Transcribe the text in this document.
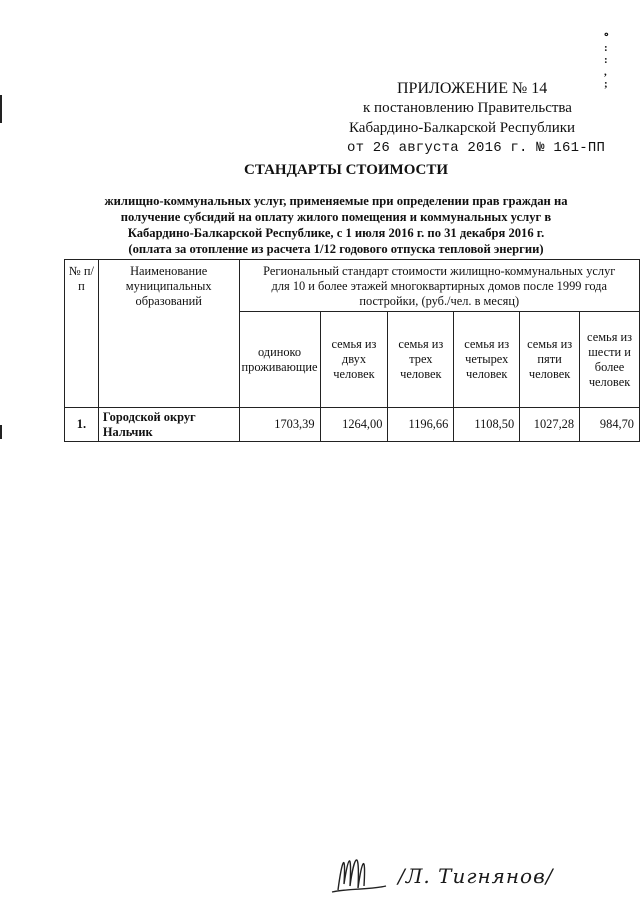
॰
:
:
,
;
ПРИЛОЖЕНИЕ № 14
к постановлению Правительства
Кабардино-Балкарской Республики
от 26 августа 2016 г. № 161-ПП
СТАНДАРТЫ СТОИМОСТИ
жилищно-коммунальных услуг, применяемые при определении прав граждан на
получение субсидий на оплату жилого помещения и коммунальных услуг в
Кабардино-Балкарской Республике, с 1 июля 2016 г. по 31 декабря 2016 г.
(оплата за отопление из расчета 1/12 годового отпуска тепловой энергии)
№ п/п	Наименование муниципальных образований	Региональный стандарт стоимости жилищно-коммунальных услуг для 10 и более этажей многоквартирных домов после 1999 года постройки, (руб./чел. в месяц)					
		одиноко проживающие	семья из двух человек	семья из трех человек	семья из четырех человек	семья из пяти человек	семья из шести и более человек
1.	Городской округ Нальчик	1703,39	1264,00	1196,66	1108,50	1027,28	984,70
/Л. Тигнянов/
